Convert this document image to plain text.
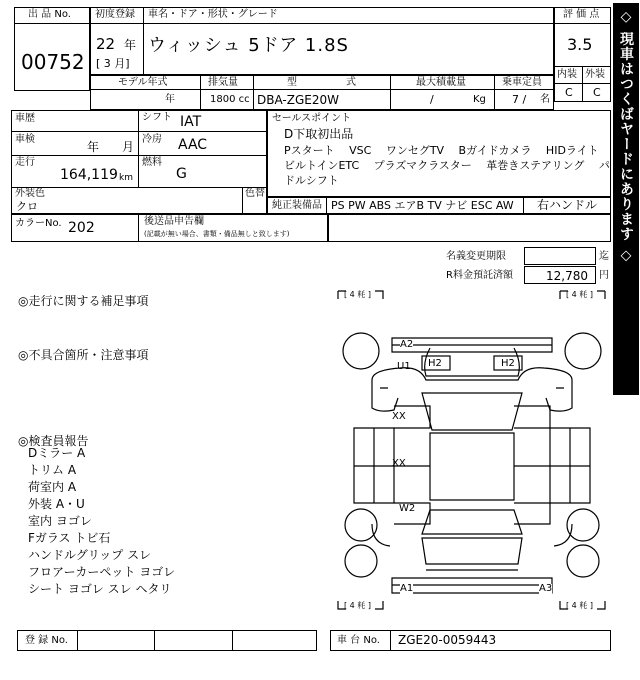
出 品 No.
00752
初度登録 車名・ドア・形状・グレード
22 年
[ 3 月]
ウィッシュ 5ドア 1.8S
評 価 点
3.5
内装 外装
C C
モデル年式	排気量	型	式	最大積載量	乗車定員
年	1800 cc DBA-ZGE20W	/	Kg 7 / 名
車歴	シフト IAT
車検
年 月
冷房 AAC
走行
164,119 km
燃料
G
外装色
クロ
色替
カラーNo. 202	後送品申告欄
(記載が無い場合、書類・備品無しと致します)
セールスポイント
D下取初出品
Pスタート　 VSC　 ワンセグTV　 Bガイドカメラ　 HIDライト
ビルトインETC　 プラズマクラスター　 革巻きステアリング　 パ
ドルシフト
純正装備品 PS PW ABS エアB TV ナビ ESC AW 右ハンドル
名義変更期限	迄
R料金預託済額	12,780 円
◎走行に関する補足事項
◎不具合箇所・注意事項
◎検査員報告
Dミラー A
トリム A
荷室内 A
外装 A・U
室内 ヨゴレ
Fガラス トビ石
ハンドルグリップ スレ
フロアーカーペット ヨゴレ
シート ヨゴレ スレ ヘタリ
[ 4 粍 ]	[ 4 粍 ]
[ 4 粍 ]	[ 4 粍 ]
A2
H2	H2
U1
XX
XX
W2
A1	A3
登 録 No.	車 台 No. ZGE20-0059443
◇ 現車はつくばヤードにあります ◇
